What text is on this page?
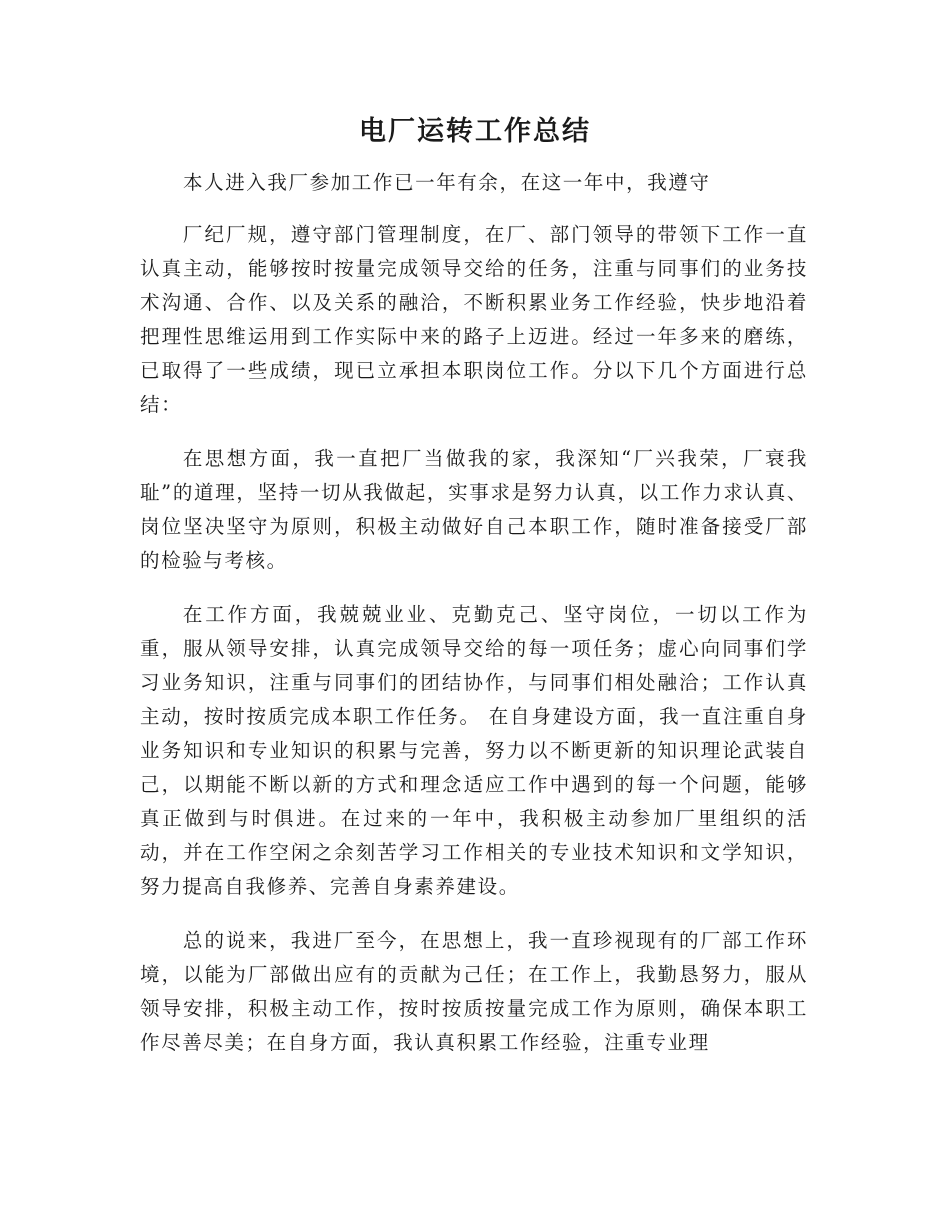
电厂运转工作总结

本人进入我厂参加工作已一年有余，在这一年中，我遵守

厂纪厂规，遵守部门管理制度，在厂、部门领导的带领下工作一直认真主动，能够按时按量完成领导交给的任务，注重与同事们的业务技术沟通、合作、以及关系的融洽，不断积累业务工作经验，快步地沿着把理性思维运用到工作实际中来的路子上迈进。经过一年多来的磨练，已取得了一些成绩，现已立承担本职岗位工作。分以下几个方面进行总结：

在思想方面，我一直把厂当做我的家，我深知“厂兴我荣，厂衰我耻”的道理，坚持一切从我做起，实事求是努力认真，以工作力求认真、岗位坚决坚守为原则，积极主动做好自己本职工作，随时准备接受厂部的检验与考核。

在工作方面，我兢兢业业、克勤克己、坚守岗位，一切以工作为重，服从领导安排，认真完成领导交给的每一项任务；虚心向同事们学习业务知识，注重与同事们的团结协作，与同事们相处融洽；工作认真主动，按时按质完成本职工作任务。 在自身建设方面，我一直注重自身业务知识和专业知识的积累与完善，努力以不断更新的知识理论武装自己，以期能不断以新的方式和理念适应工作中遇到的每一个问题，能够真正做到与时俱进。在过来的一年中，我积极主动参加厂里组织的活动，并在工作空闲之余刻苦学习工作相关的专业技术知识和文学知识，努力提高自我修养、完善自身素养建设。

总的说来，我进厂至今，在思想上，我一直珍视现有的厂部工作环境，以能为厂部做出应有的贡献为己任；在工作上，我勤恳努力，服从领导安排，积极主动工作，按时按质按量完成工作为原则，确保本职工作尽善尽美；在自身方面，我认真积累工作经验，注重专业理
